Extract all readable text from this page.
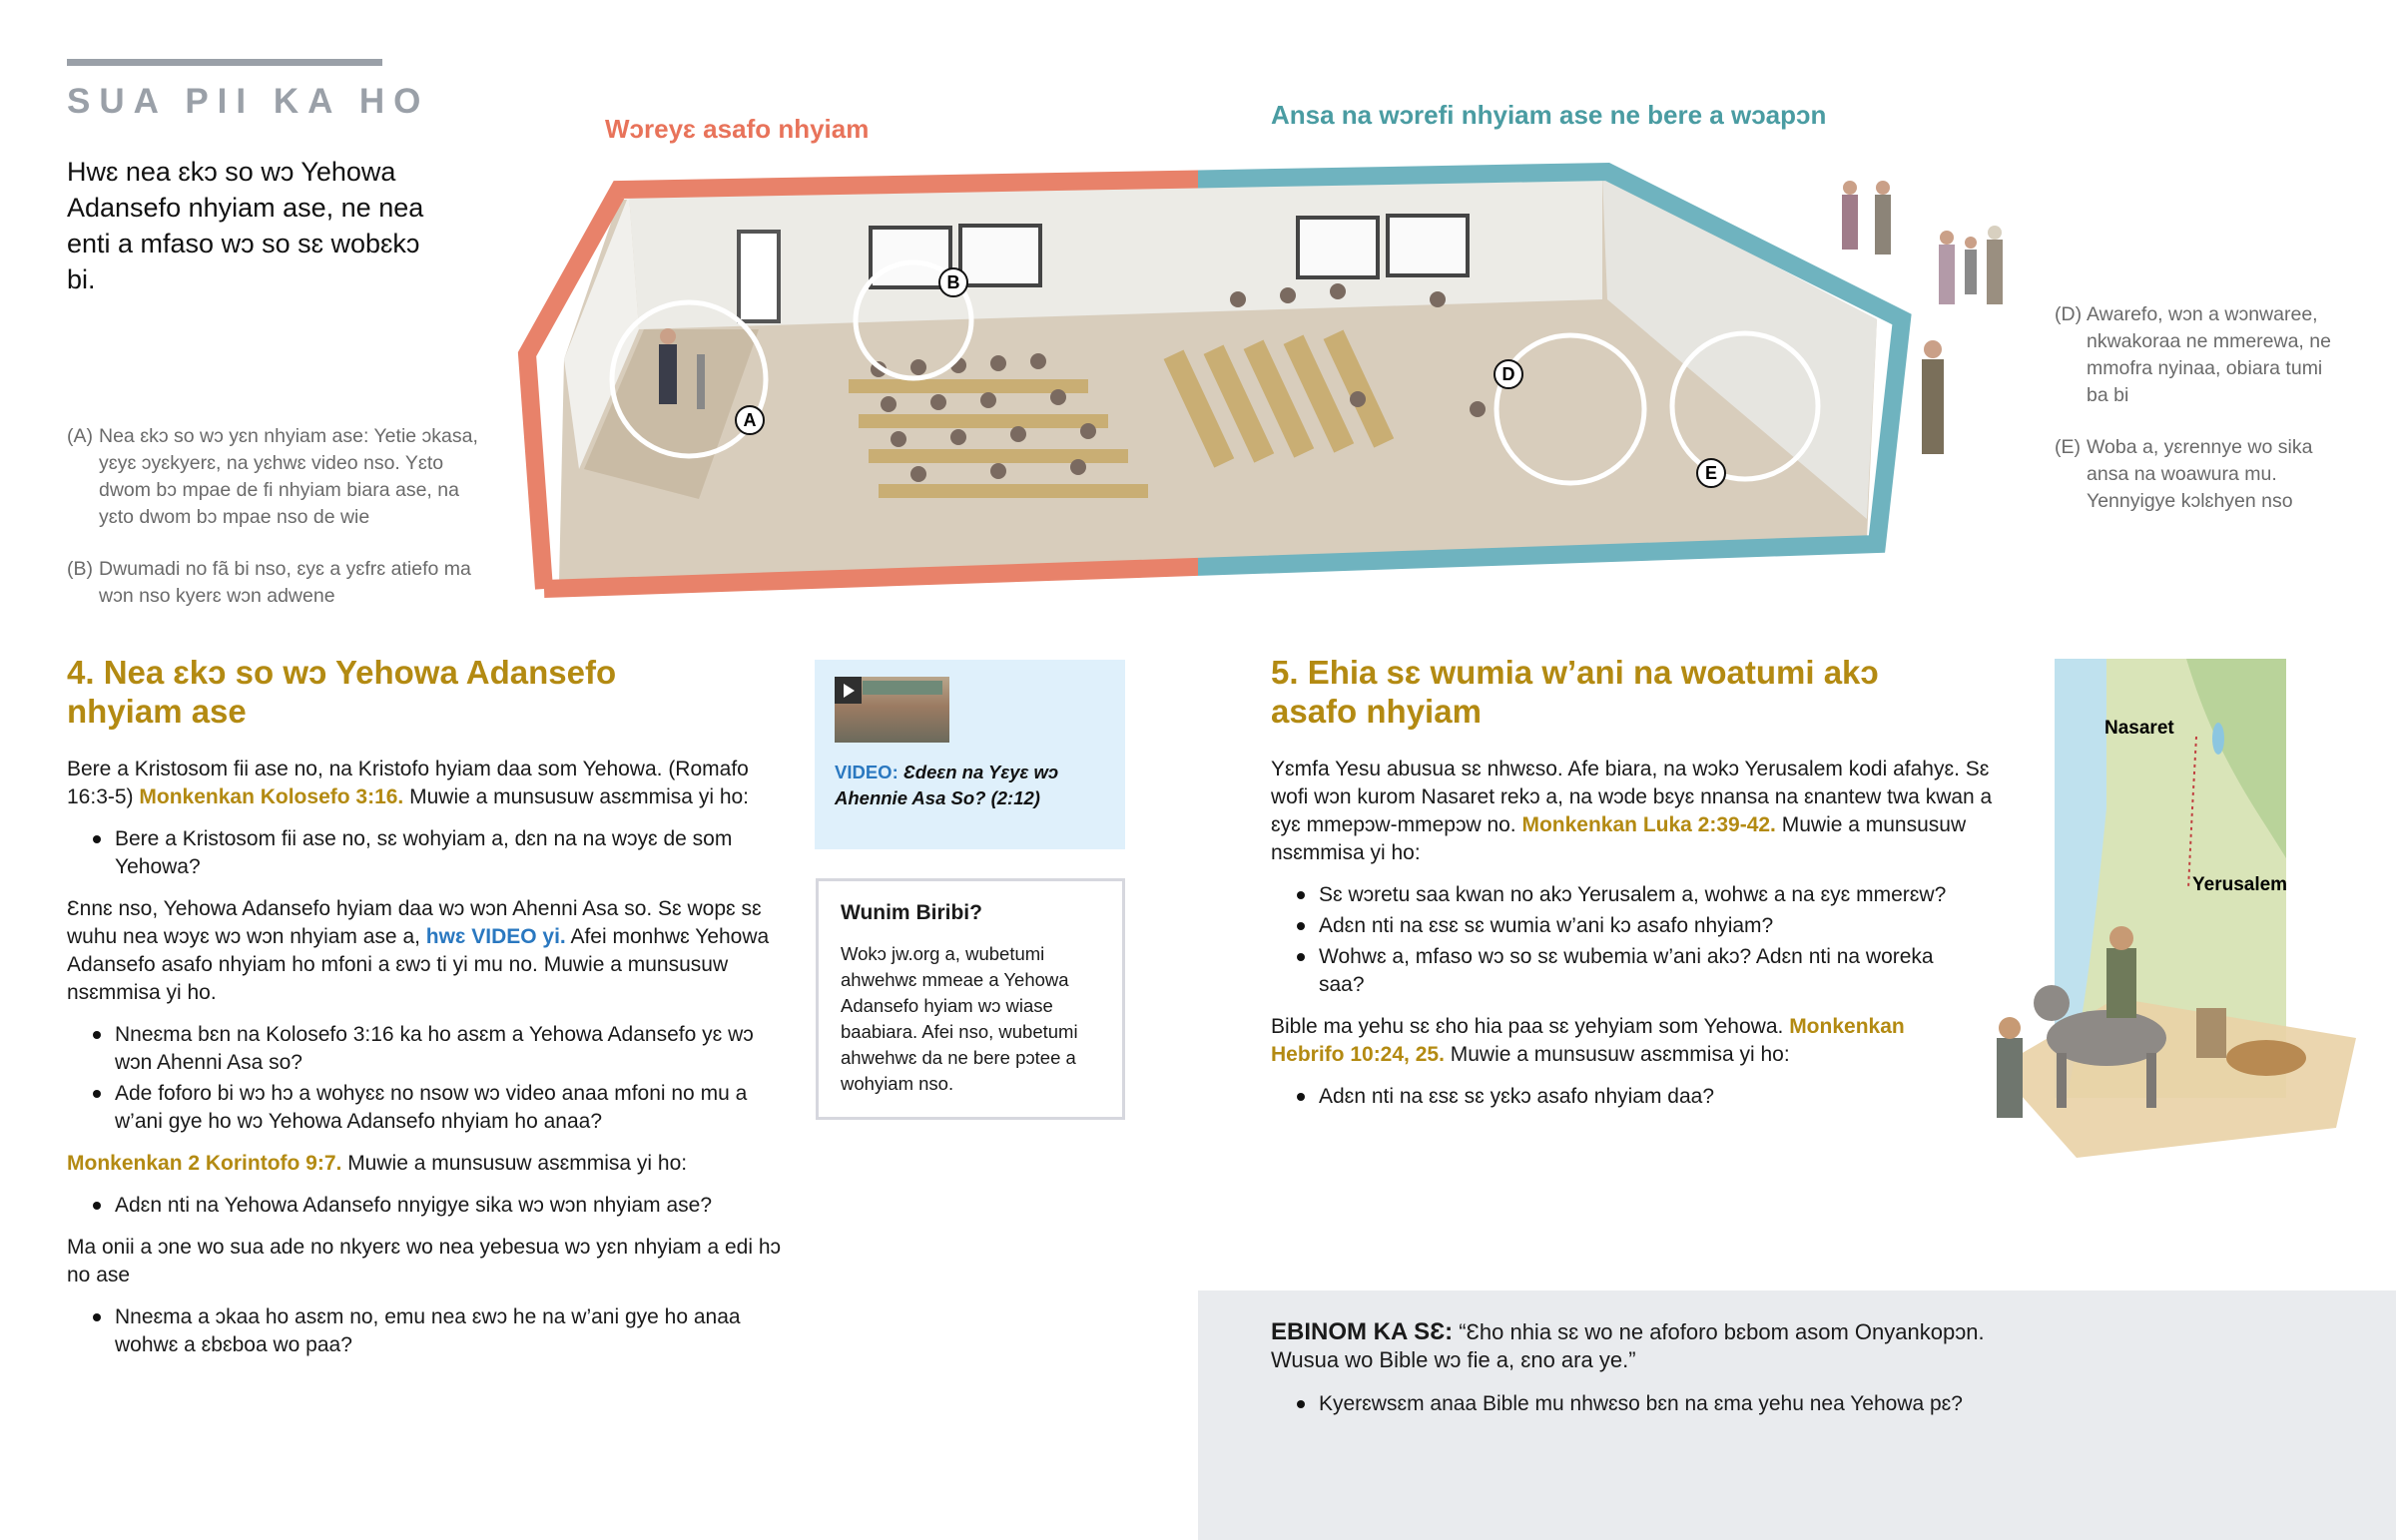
SUA PII KA HO
Hwɛ nea ɛkɔ so wɔ Yehowa Adansefo nhyiam ase, ne nea enti a mfaso wɔ so sɛ wobɛkɔ bi.
(A) Nea ɛkɔ so wɔ yɛn nhyiam ase: Yetie ɔkasa, yɛyɛ ɔyɛkyerɛ, na yɛhwɛ video nso. Yɛto dwom bɔ mpae de fi nhyiam biara ase, na yɛto dwom bɔ mpae nso de wie
(B) Dwumadi no fã bi nso, ɛyɛ a yɛfrɛ atiefo ma wɔn nso kyerɛ wɔn adwene
(D) Awarefo, wɔn a wɔnwaree, nkwakoraa ne mmerewa, ne mmofra nyinaa, obiara tumi ba bi
(E) Woba a, yɛrennye wo sika ansa na woawura mu. Yennyigye kɔlɛhyen nso
Wɔreyɛ asafo nhyiam	Ansa na wɔrefi nhyiam ase ne bere a wɔapɔn
A
B
D
E
4. Nea ɛkɔ so wɔ Yehowa Adansefo nhyiam ase

Bere a Kristosom fii ase no, na Kristofo hyiam daa som Yehowa. (Romafo 16:3-5) Monkenkan Kolosefo 3:16. Muwie a munsusuw asɛmmisa yi ho:

Bere a Kristosom fii ase no, sɛ wohyiam a, dɛn na na wɔyɛ de som Yehowa?

Ɛnnɛ nso, Yehowa Adansefo hyiam daa wɔ wɔn Ahenni Asa so. Sɛ wopɛ sɛ wuhu nea wɔyɛ wɔ wɔn nhyiam ase a, hwɛ VIDEO yi. Afei monhwɛ Yehowa Adansefo asafo nhyiam ho mfoni a ɛwɔ ti yi mu no. Muwie a munsusuw nsɛmmisa yi ho.

Nneɛma bɛn na Kolosefo 3:16 ka ho asɛm a Yehowa Adansefo yɛ wɔ wɔn Ahenni Asa so?
Ade foforo bi wɔ hɔ a wohyɛɛ no nsow wɔ video anaa mfoni no mu a w’ani gye ho wɔ Yehowa Adansefo nhyiam ho anaa?

Monkenkan 2 Korintofo 9:7. Muwie a munsusuw asɛmmisa yi ho:

Adɛn nti na Yehowa Adansefo nnyigye sika wɔ wɔn nhyiam ase?

Ma onii a ɔne wo sua ade no nkyerɛ wo nea yebesua wɔ yɛn nhyiam a edi hɔ no ase

Nneɛma a ɔkaa ho asɛm no, emu nea ɛwɔ he na w’ani gye ho anaa wohwɛ a ɛbɛboa wo paa?
VIDEO: Ɛdeɛn na Yɛyɛ wɔ Ahennie Asa So? (2:12)
Wunim Biribi?
Wokɔ jw.org a, wubetumi ahwehwɛ mmeae a Yehowa Adansefo hyiam wɔ wiase baabiara. Afei nso, wubetumi ahwehwɛ da ne bere pɔtee a wohyiam nso.
5. Ehia sɛ wumia w’ani na woatumi akɔ asafo nhyiam

Yɛmfa Yesu abusua sɛ nhwɛso. Afe biara, na wɔkɔ Yerusalem kodi afahyɛ. Sɛ wofi wɔn kurom Nasaret rekɔ a, na wɔde bɛyɛ nnansa na ɛnantew twa kwan a ɛyɛ mmepɔw-mmepɔw no. Monkenkan Luka 2:39-42. Muwie a munsusuw nsɛmmisa yi ho:

Sɛ wɔretu saa kwan no akɔ Yerusalem a, wohwɛ a na ɛyɛ mmerɛw?
Adɛn nti na ɛsɛ sɛ wumia w’ani kɔ asafo nhyiam?
Wohwɛ a, mfaso wɔ so sɛ wubemia w’ani akɔ? Adɛn nti na woreka saa?

Bible ma yehu sɛ ɛho hia paa sɛ yehyiam som Yehowa. Monkenkan Hebrifo 10:24, 25. Muwie a munsusuw asɛmmisa yi ho:

Adɛn nti na ɛsɛ sɛ yɛkɔ asafo nhyiam daa?
Nasaret
Yerusalem
EBINOM KA SƐ: “Ɛho nhia sɛ wo ne afoforo bɛbom asom Onyankopɔn. Wusua wo Bible wɔ fie a, ɛno ara ye.”
Kyerɛwsɛm anaa Bible mu nhwɛso bɛn na ɛma yehu nea Yehowa pɛ?
